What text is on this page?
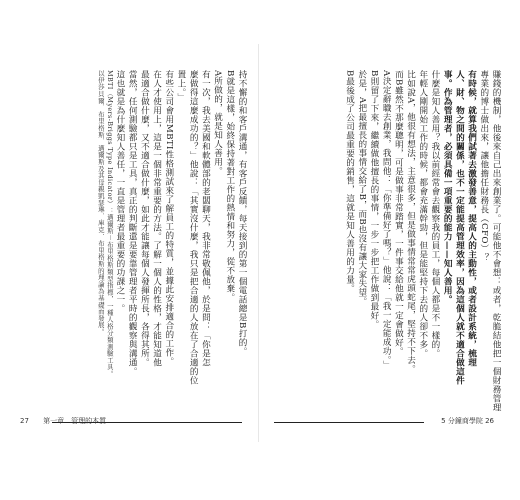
持不懈的和客戶溝通，有客戶反饋，每天接到的第一個電話總是B打的。
B就是這樣，始終保持著對工作的熱情和努力，從不放棄。
A所做的，就是知人善用。
有一次，我去美國和軟體部的老闆聊天，我非常敬佩他，於是問：「你是怎
麼做得這麼成功的？」他說：「其實沒什麼，我只是把合適的人放在了合適的位
置上。」
有些公司會用MBTI性格測試來了解員工的特質，並據此安排適合的工作。
在人才使用上，這是一個非常重要的方法。了解一個人的性格，才能知道他
最適合做什麼，又不適合做什麼，如此才能讓每個人發揮所長，各得其所。
當然，任何測驗都只是工具，真正的判斷還是要靠管理者平時的觀察與溝通。
這也就是為什麼知人善任，一直是管理者最重要的功課之一。
MBTI（Myers-Briggs Type Indicator）：邁爾斯－布里格斯類型指標，一種人格分類測驗工具。
以伊莎貝爾．布里格斯．邁爾斯及其母親凱瑟琳．庫克．布里格斯的理論為基礎而發展。
27 第一章　管理的本質
賺錢的機制，他後來自己出來創業了。可能他不會想：或者，乾脆結他把一個財務管理
專業的博士做出來，讓他擔任財務長（CFO）？
有時候，就算我們試著去激發善意，提高人的主動性，或者設計系統，梳理
人、財、物之間的關係，也不一定能提高管理效率，因為這個人就不適合做這件
事。作為管理者，必須具備一項重要的能力——知人善用。
什麼是知人善用？我以前經常會去觀察我的員工，每個人都是不一樣的。
年輕人剛開始工作的時候，都會充滿幹勁，但是能堅持下去的人卻不多。
比如說A，他很有想法，主意很多，但是做事情常常虎頭蛇尾，堅持不下去。
而B雖然不那麼聰明，可是做事非常踏實，一件事交給他就一定會做好。
A決定辭職去創業，我問他：「你準備好了嗎？」他說：「我一定能成功。」
B則留了下來，繼續做他擅長的事情，一步一步把工作做到最好。
於是，A把最擅長的事情交給了B，而B也沒有讓大家失望。
B最後成了公司最重要的銷售，這就是知人善用的力量。
5 分鐘商學院 26
